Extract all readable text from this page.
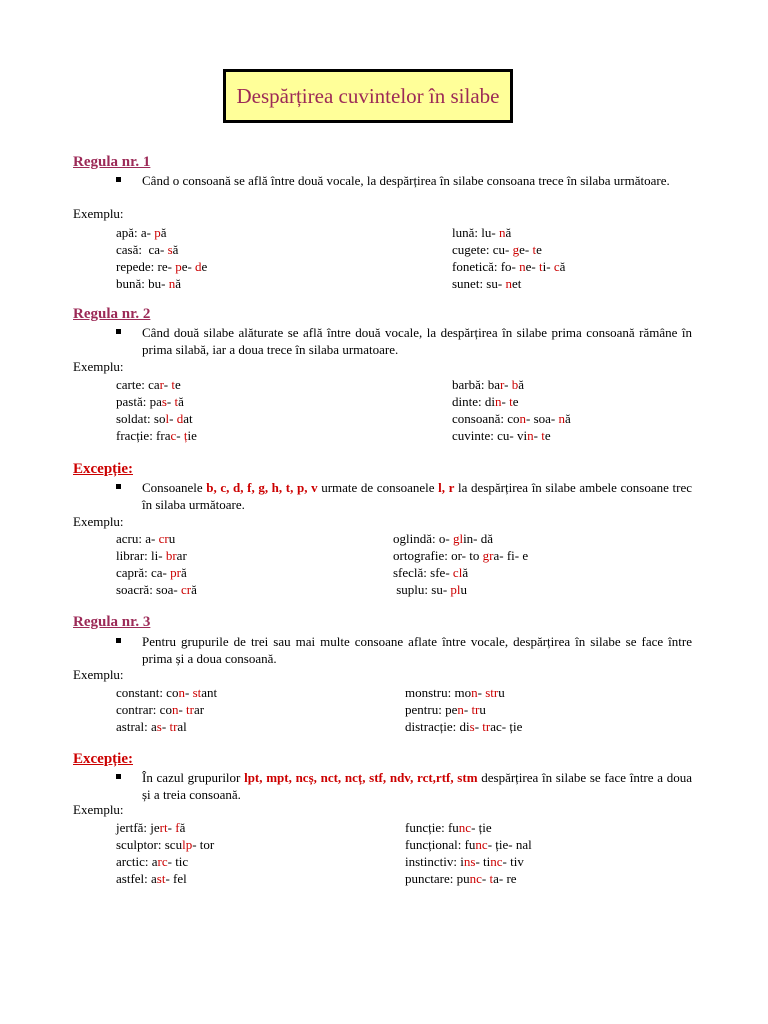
Despărțirea cuvintelor în silabe
Regula nr. 1
Când o consoană se află între două vocale, la despărțirea în silabe consoana trece în silaba următoare.
Exemplu:
apă: a- pă
casă:  ca- să
repede: re- pe- de
bună: bu- nă
lună: lu- nă
cugete: cu- ge- te
fonetică: fo- ne- ti- că
sunet: su- net
Regula nr. 2
Când două silabe alăturate se află între două vocale, la despărțirea în silabe prima consoană rămâne în prima silabă, iar a doua trece în silaba urmatoare.
Exemplu:
carte: car- te
pastă: pas- tă
soldat: sol- dat
fracție: frac- ție
barbă: bar- bă
dinte: din- te
consoană: con- soa- nă
cuvinte: cu- vin- te
Excepție:
Consoanele b, c, d, f, g, h, t, p, v urmate de consoanele l, r la despărțirea în silabe ambele consoane trec în silaba următoare.
Exemplu:
acru: a- cru
librar: li- brar
capră: ca- pră
soacră: soa- cră
oglindă: o- glin- dă
ortografie: or- to gra- fi- e
sfeclă: sfe- clă
suplu: su- plu
Regula nr. 3
Pentru grupurile de trei sau mai multe consoane aflate între vocale, despărțirea în silabe se face între prima și a doua consoană.
Exemplu:
constant: con- stant
contrar: con- trar
astral: as- tral
monstru: mon- stru
pentru: pen- tru
distracție: dis- trac- ție
Excepție:
În cazul grupurilor lpt, mpt, ncș, nct, ncț, stf, ndv, rct,rtf, stm despărțirea în silabe se face între a doua și a treia consoană.
Exemplu:
jertfă: jert- fă
sculptor: sculp- tor
arctic: arc- tic
astfel: ast- fel
funcție: func- ție
funcțional: func- ție- nal
instinctiv: ins- tinc- tiv
punctare: punc- ta- re
